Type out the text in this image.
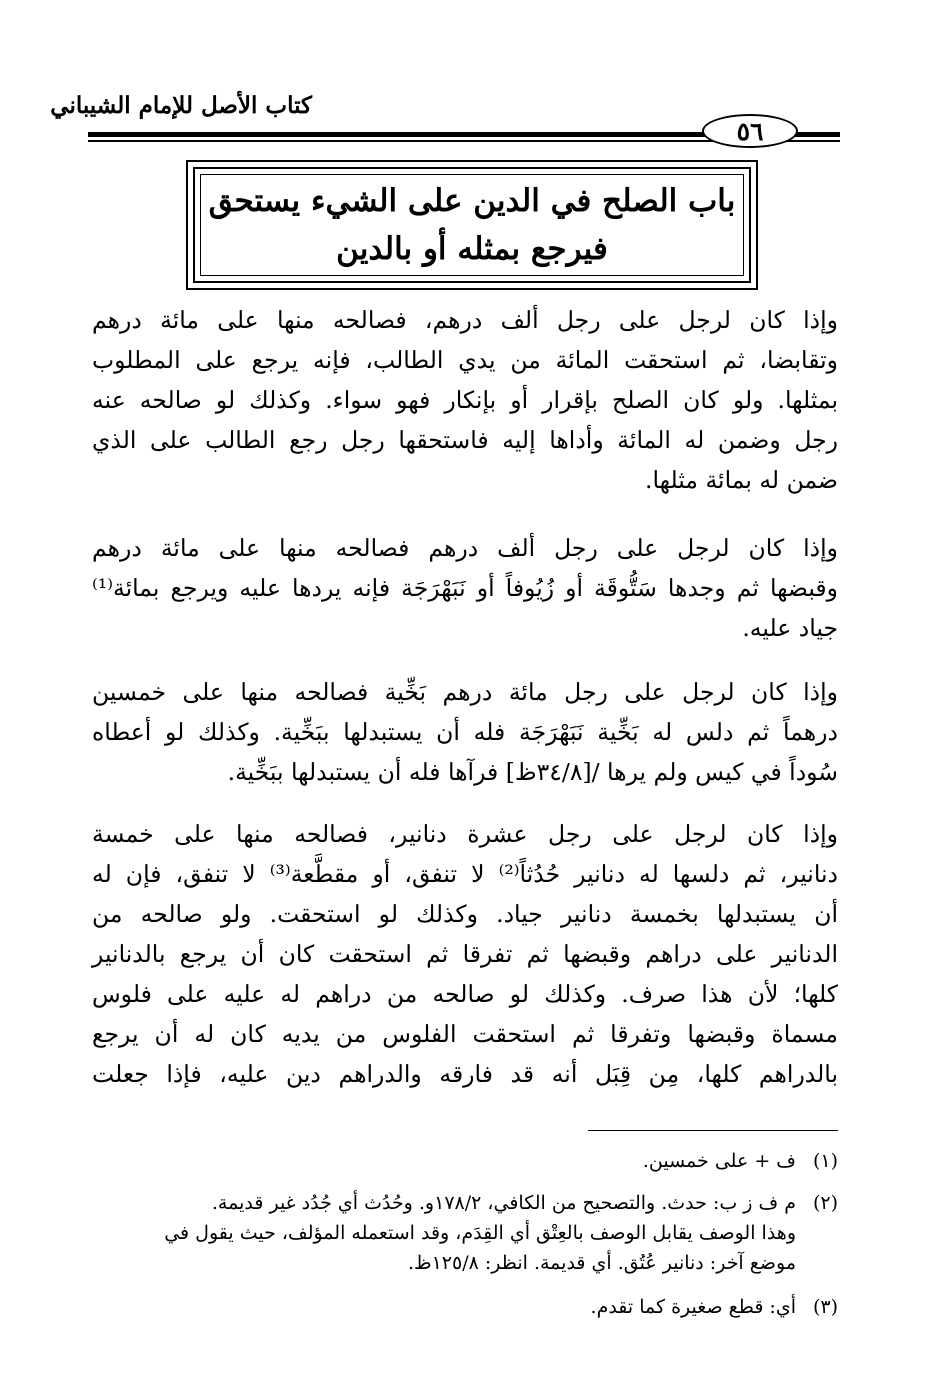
كتاب الأصل للإمام الشيباني
٥٦
باب الصلح في الدين على الشيء يستحق
فيرجع بمثله أو بالدين
وإذا كان لرجل على رجل ألف درهم، فصالحه منها على مائة درهم
وتقابضا، ثم استحقت المائة من يدي الطالب، فإنه يرجع على المطلوب
بمثلها. ولو كان الصلح بإقرار أو بإنكار فهو سواء. وكذلك لو صالحه عنه
رجل وضمن له المائة وأداها إليه فاستحقها رجل رجع الطالب على الذي
ضمن له بمائة مثلها.
وإذا كان لرجل على رجل ألف درهم فصالحه منها على مائة درهم
وقبضها ثم وجدها سَتُّوقَة أو زُيُوفاً أو نَبَهْرَجَة فإنه يردها عليه ويرجع بمائة⁽¹⁾
جياد عليه.
وإذا كان لرجل على رجل مائة درهم بَخِّية فصالحه منها على خمسين
درهماً ثم دلس له بَخِّية نَبَهْرَجَة فله أن يستبدلها ببَخِّية. وكذلك لو أعطاه
سُوداً في كيس ولم يرها /[٣٤/٨ظ] فرآها فله أن يستبدلها ببَخِّية.
وإذا كان لرجل على رجل عشرة دنانير، فصالحه منها على خمسة
دنانير، ثم دلسها له دنانير حُدُثاً⁽²⁾ لا تنفق، أو مقطَّعة⁽³⁾ لا تنفق، فإن له
أن يستبدلها بخمسة دنانير جياد. وكذلك لو استحقت. ولو صالحه من
الدنانير على دراهم وقبضها ثم تفرقا ثم استحقت كان أن يرجع بالدنانير
كلها؛ لأن هذا صرف. وكذلك لو صالحه من دراهم له عليه على فلوس
مسماة وقبضها وتفرقا ثم استحقت الفلوس من يديه كان له أن يرجع
بالدراهم كلها، مِن قِبَل أنه قد فارقه والدراهم دين عليه، فإذا جعلت
(١)ف + على خمسين.
(٢)م ف ز ب: حدث. والتصحيح من الكافي، ١٧٨/٢و. وحُدُث أي جُدُد غير قديمة.
وهذا الوصف يقابل الوصف بالعِتْق أي القِدَم، وقد استعمله المؤلف، حيث يقول في
موضع آخر: دنانير عُتُق. أي قديمة. انظر: ١٢٥/٨ظ.
(٣)أي: قطع صغيرة كما تقدم.
